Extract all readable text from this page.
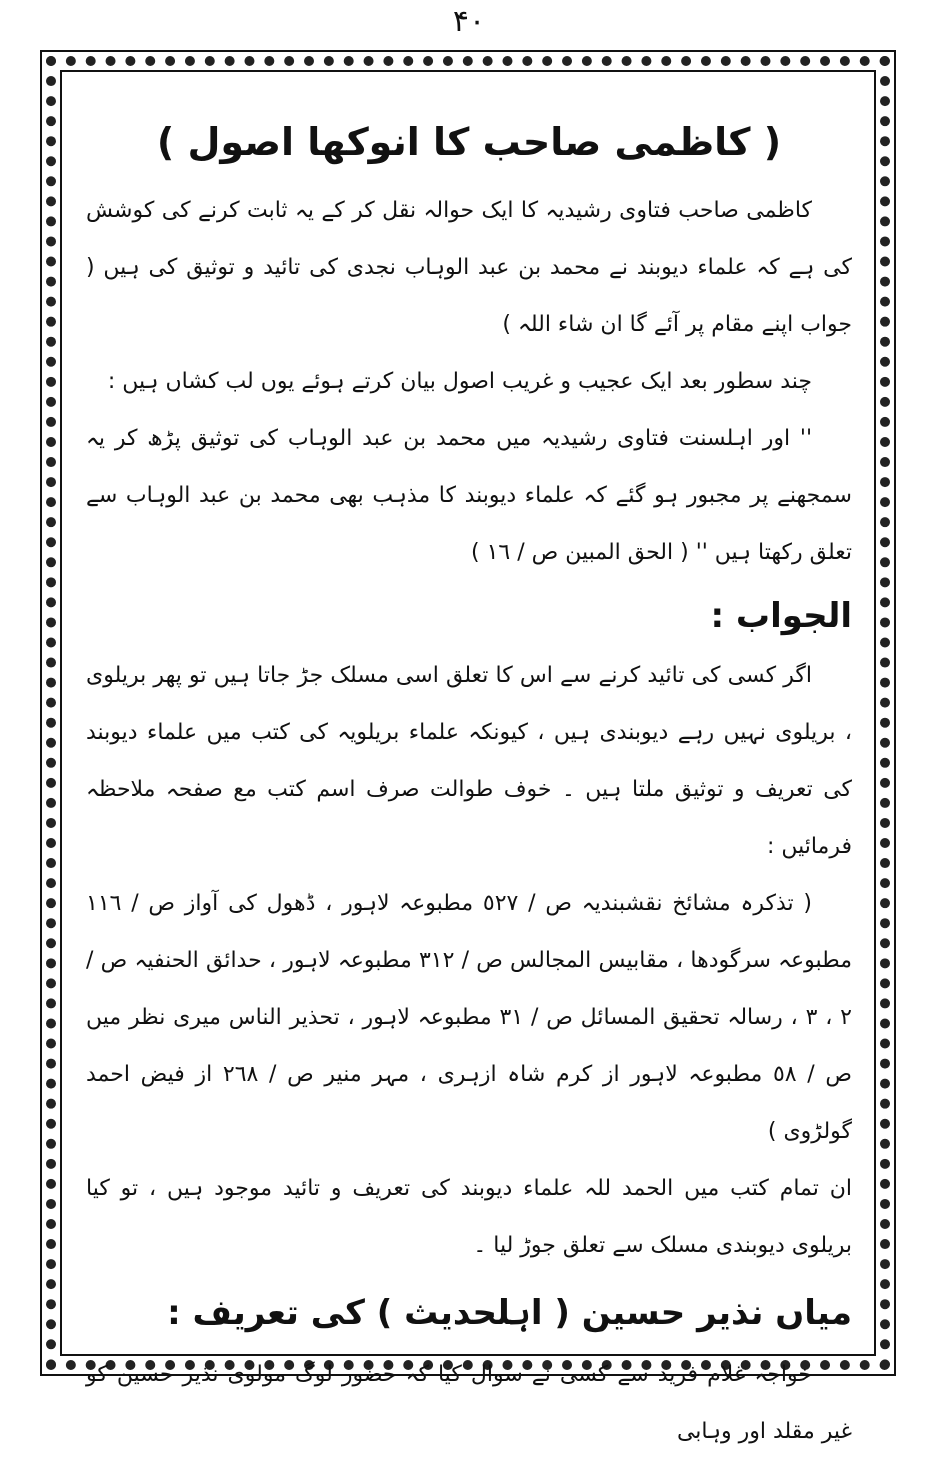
۴٠
( کاظمی صاحب کا انوکھا اصول )

کاظمی صاحب فتاوی رشیدیہ کا ایک حوالہ نقل کر کے یہ ثابت کرنے کی کوشش کی ہے کہ علماء دیوبند نے محمد بن عبد الوہاب نجدی کی تائید و توثیق کی ہیں ( جواب اپنے مقام پر آئے گا ان شاء اللہ )

چند سطور بعد ایک عجیب و غریب اصول بیان کرتے ہوئے یوں لب کشاں ہیں :

'' اور اہلسنت فتاوی رشیدیہ میں محمد بن عبد الوہاب کی توثیق پڑھ کر یہ سمجھنے پر مجبور ہو گئے کہ علماء دیوبند کا مذہب بھی محمد بن عبد الوہاب سے تعلق رکھتا ہیں '' ( الحق المبین ص / ١٦ )

الجواب :

اگر کسی کی تائید کرنے سے اس کا تعلق اسی مسلک جڑ جاتا ہیں تو پھر بریلوی ، بریلوی نہیں رہے دیوبندی ہیں ، کیونکہ علماء بریلویہ کی کتب میں علماء دیوبند کی تعریف و توثیق ملتا ہیں ۔ خوف طوالت صرف اسم کتب مع صفحہ ملاحظہ فرمائیں :

( تذکرہ مشائخ نقشبندیہ ص / ٥٢٧ مطبوعہ لاہور ، ڈھول کی آواز ص / ١١٦ مطبوعہ سرگودھا ، مقابیس المجالس ص / ٣١٢ مطبوعہ لاہور ، حدائق الحنفیہ ص / ٢ ، ٣ ، رسالہ تحقیق المسائل ص / ٣١ مطبوعہ لاہور ، تحذیر الناس میری نظر میں ص / ٥٨ مطبوعہ لاہور از کرم شاہ ازہری ، مہر منیر ص / ٢٦٨ از فیض احمد گولڑوی )

ان تمام کتب میں الحمد للہ علماء دیوبند کی تعریف و تائید موجود ہیں ، تو کیا بریلوی دیوبندی مسلک سے تعلق جوڑ لیا ۔

میاں نذیر حسین ( اہلحدیث ) کی تعریف :

خواجہ غلام فرید سے کسی نے سوال کیا کہ حضور لوگ مولوی نذیر حسین کو غیر مقلد اور وہابی
